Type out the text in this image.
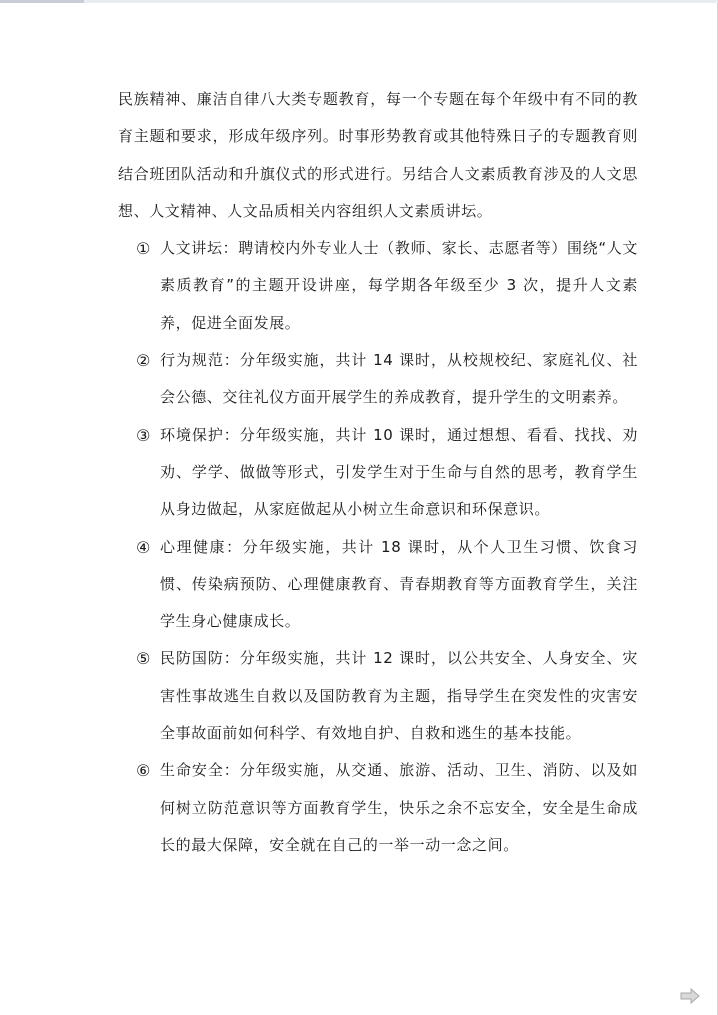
民族精神、廉洁自律八大类专题教育，每一个专题在每个年级中有不同的教育主题和要求，形成年级序列。时事形势教育或其他特殊日子的专题教育则结合班团队活动和升旗仪式的形式进行。另结合人文素质教育涉及的人文思想、人文精神、人文品质相关内容组织人文素质讲坛。

① 人文讲坛：聘请校内外专业人士（教师、家长、志愿者等）围绕“人文素质教育”的主题开设讲座，每学期各年级至少 3 次，提升人文素养，促进全面发展。

② 行为规范：分年级实施，共计 14 课时，从校规校纪、家庭礼仪、社会公德、交往礼仪方面开展学生的养成教育，提升学生的文明素养。

③ 环境保护：分年级实施，共计 10 课时，通过想想、看看、找找、劝劝、学学、做做等形式，引发学生对于生命与自然的思考，教育学生从身边做起，从家庭做起从小树立生命意识和环保意识。

④ 心理健康：分年级实施，共计 18 课时，从个人卫生习惯、饮食习惯、传染病预防、心理健康教育、青春期教育等方面教育学生，关注学生身心健康成长。

⑤ 民防国防：分年级实施，共计 12 课时，以公共安全、人身安全、灾害性事故逃生自救以及国防教育为主题，指导学生在突发性的灾害安全事故面前如何科学、有效地自护、自救和逃生的基本技能。

⑥ 生命安全：分年级实施，从交通、旅游、活动、卫生、消防、以及如何树立防范意识等方面教育学生，快乐之余不忘安全，安全是生命成长的最大保障，安全就在自己的一举一动一念之间。
